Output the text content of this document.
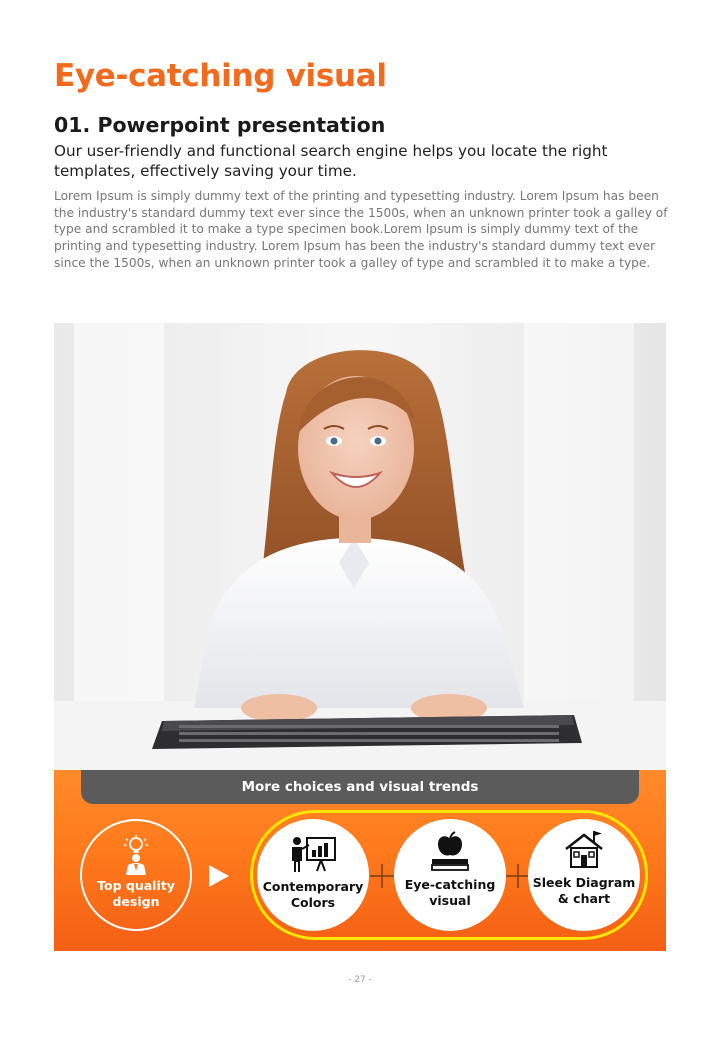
Eye-catching visual
01. Powerpoint presentation

Our user-friendly and functional search engine helps you locate the right templates, effectively saving your time.

Lorem Ipsum is simply dummy text of the printing and typesetting industry. Lorem Ipsum has been the industry's standard dummy text ever since the 1500s, when an unknown printer took a galley of type and scrambled it to make a type specimen book.Lorem Ipsum is simply dummy text of the printing and typesetting industry. Lorem Ipsum has been the industry's standard dummy text ever since the 1500s, when an unknown printer took a galley of type and scrambled it to make a type.

More choices and visual trends
Top quality
design
Contemporary
Colors
Eye-catching
visual
Sleek Diagram
& chart
- 27 -
